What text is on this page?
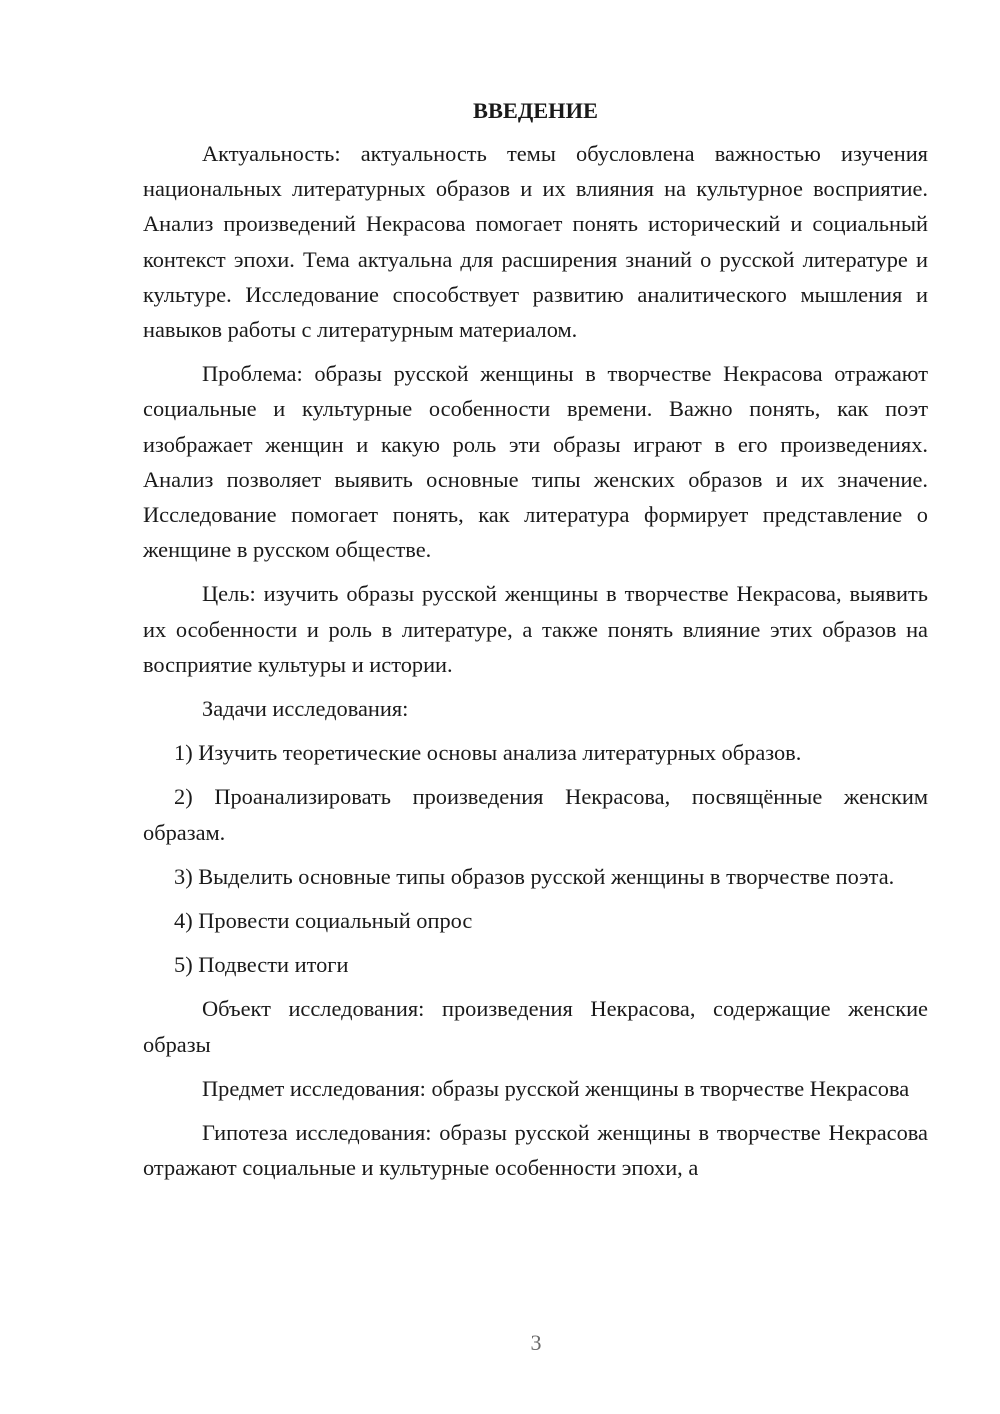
ВВЕДЕНИЕ

Актуальность: актуальность темы обусловлена важностью изучения национальных литературных образов и их влияния на культурное восприятие. Анализ произведений Некрасова помогает понять исторический и социальный контекст эпохи. Тема актуальна для расширения знаний о русской литературе и культуре. Исследование способствует развитию аналитического мышления и навыков работы с литературным материалом.

Проблема: образы русской женщины в творчестве Некрасова отражают социальные и культурные особенности времени. Важно понять, как поэт изображает женщин и какую роль эти образы играют в его произведениях. Анализ позволяет выявить основные типы женских образов и их значение. Исследование помогает понять, как литература формирует представление о женщине в русском обществе.

Цель: изучить образы русской женщины в творчестве Некрасова, выявить их особенности и роль в литературе, а также понять влияние этих образов на восприятие культуры и истории.

Задачи исследования:

1) Изучить теоретические основы анализа литературных образов.

2) Проанализировать произведения Некрасова, посвящённые женским образам.

3) Выделить основные типы образов русской женщины в творчестве поэта.

4) Провести социальный опрос

5) Подвести итоги

Объект исследования: произведения Некрасова, содержащие женские образы

Предмет исследования: образы русской женщины в творчестве Некрасова

Гипотеза исследования: образы русской женщины в творчестве Некрасова отражают социальные и культурные особенности эпохи, а

3
